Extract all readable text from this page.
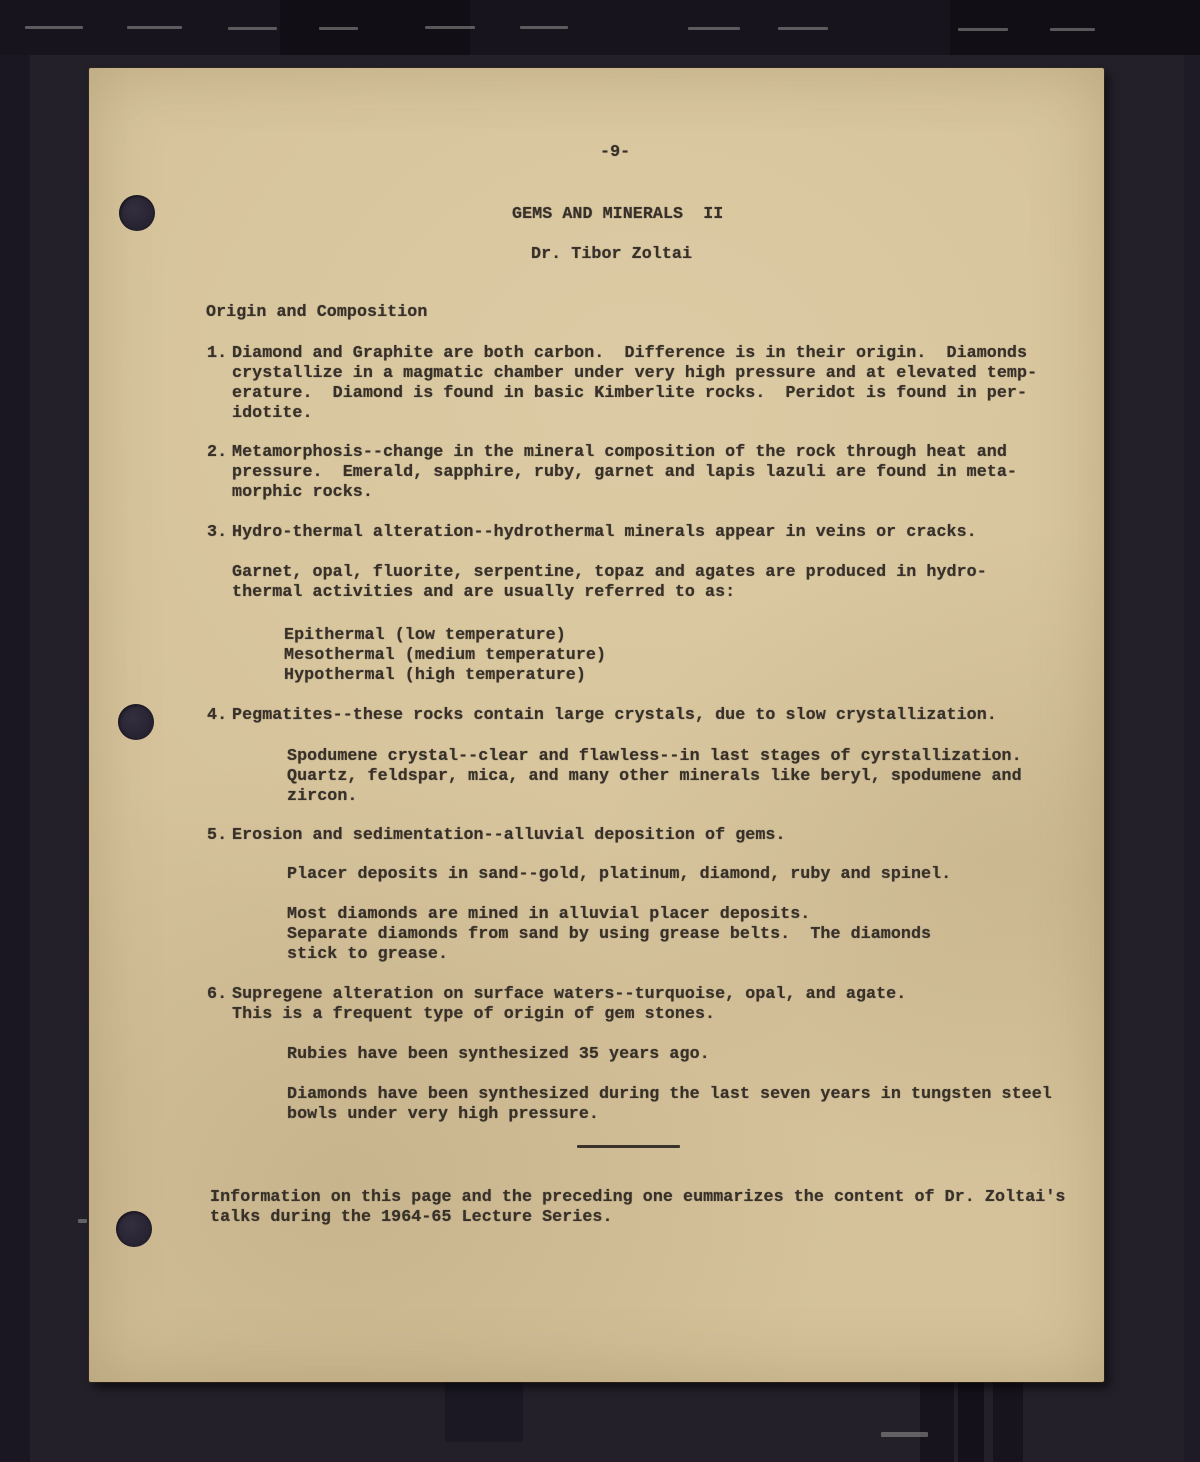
-9-
GEMS AND MINERALS  II
Dr. Tibor Zoltai
Origin and Composition
1. Diamond and Graphite are both carbon.  Difference is in their origin.  Diamonds
crystallize in a magmatic chamber under very high pressure and at elevated temp-
erature.  Diamond is found in basic Kimberlite rocks.  Peridot is found in per-
idotite.
2. Metamorphosis--change in the mineral composition of the rock through heat and
pressure.  Emerald, sapphire, ruby, garnet and lapis lazuli are found in meta-
morphic rocks.
3. Hydro-thermal alteration--hydrothermal minerals appear in veins or cracks.
Garnet, opal, fluorite, serpentine, topaz and agates are produced in hydro-
thermal activities and are usually referred to as:
Epithermal (low temperature)
Mesothermal (medium temperature)
Hypothermal (high temperature)
4. Pegmatites--these rocks contain large crystals, due to slow crystallization.
Spodumene crystal--clear and flawless--in last stages of cyrstallization.
Quartz, feldspar, mica, and many other minerals like beryl, spodumene and
zircon.
5. Erosion and sedimentation--alluvial deposition of gems.
Placer deposits in sand--gold, platinum, diamond, ruby and spinel.
Most diamonds are mined in alluvial placer deposits.
Separate diamonds from sand by using grease belts.  The diamonds
stick to grease.
6. Supregene alteration on surface waters--turquoise, opal, and agate.
This is a frequent type of origin of gem stones.
Rubies have been synthesized 35 years ago.
Diamonds have been synthesized during the last seven years in tungsten steel
bowls under very high pressure.
Information on this page and the preceding one eummarizes the content of Dr. Zoltai's
talks during the 1964-65 Lecture Series.
